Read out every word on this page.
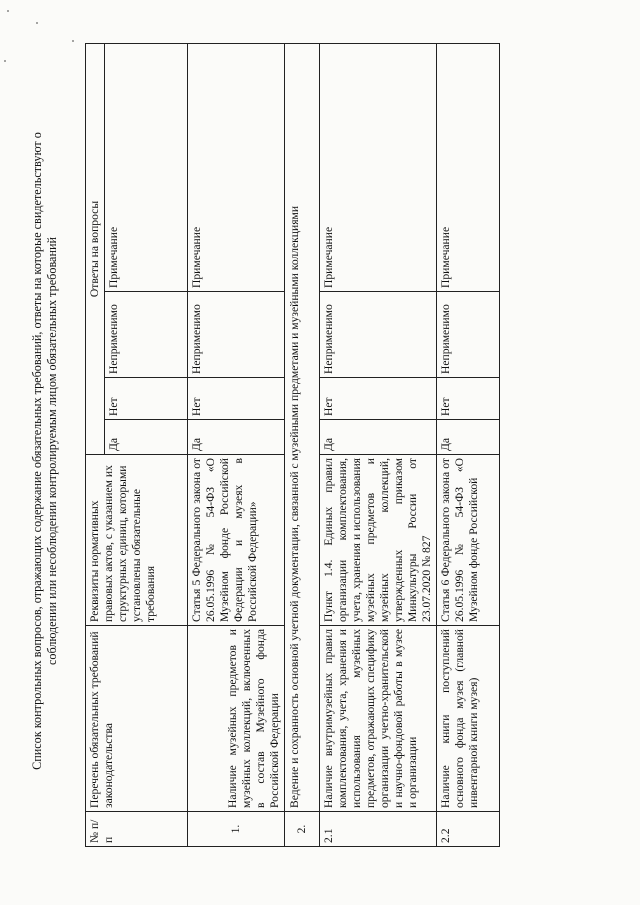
Список контрольных вопросов, отражающих содержание обязательных требований, ответы на которые свидетельствуют о соблюдении или несоблюдении контролируемым лицом обязательных требований
№ п/п	Перечень обязательных требований законодательства	Реквизиты нормативных правовых актов, с указанием их структурных единиц, которыми установлены обязательные требования	Ответы на вопросы			
			Да	Нет	Неприменимо	Примечание
1.	Наличие музейных предметов и музейных коллекций, включенных в состав Музейного фонда Российской Федерации	Статья 5 Федерального закона от 26.05.1996 № 54-ФЗ «О Музейном фонде Российской Федерации и музеях в Российской Федерации»	Да	Нет	Неприменимо	Примечание
2.	Ведение и сохранность основной учетной документации, связанной с музейными предметами и музейными коллекциями					
2.1	Наличие внутримузейных правил комплектования, учета, хранения и использования музейных предметов, отражающих специфику организации учетно-хранительской и научно-фондовой работы в музее и организации	Пункт 1.4. Единых правил организации комплектования, учета, хранения и использования музейных предметов и музейных коллекций, утвержденных приказом Минкультуры России от 23.07.2020 № 827	Да	Нет	Неприменимо	Примечание
2.2	Наличие книги поступлений основного фонда музея (главной инвентарной книги музея)	Статья 6 Федерального закона от 26.05.1996 № 54-ФЗ «О Музейном фонде Российской	Да	Нет	Неприменимо	Примечание
